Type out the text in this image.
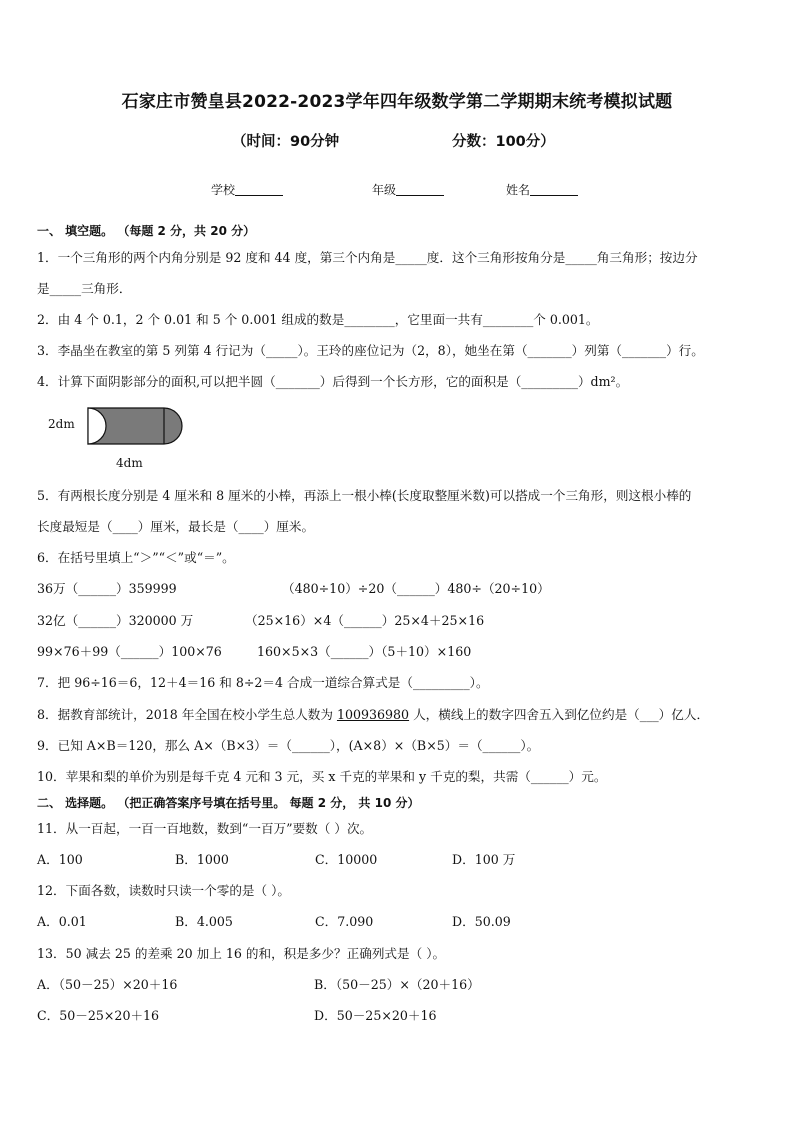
石家庄市赞皇县2022-2023学年四年级数学第二学期期末统考模拟试题
（时间：90分钟	分数：100分）
学校	年级	姓名
一、 填空题。 （每题 2 分，共 20 分）
1．一个三角形的两个内角分别是 92 度和 44 度，第三个内角是_____度．这个三角形按角分是_____角三角形；按边分
是_____三角形．
2．由 4 个 0.1，2 个 0.01 和 5 个 0.001 组成的数是________，它里面一共有________个 0.001。
3．李晶坐在教室的第 5 列第 4 行记为（_____）。王玲的座位记为（2，8），她坐在第（_______）列第（_______）行。
4．计算下面阴影部分的面积,可以把半圆（_______）后得到一个长方形，它的面积是（_________）dm²。
2dm
4dm
5．有两根长度分别是 4 厘米和 8 厘米的小棒，再添上一根小棒(长度取整厘米数)可以搭成一个三角形，则这根小棒的
长度最短是（____）厘米，最长是（____）厘米。
6．在括号里填上“＞”“＜”或“＝”。
36万（______）359999	（480÷10）÷20（______）480÷（20÷10）
32亿（______）320000 万	（25×16）×4（______）25×4＋25×16
99×76＋99（______）100×76	160×5×3（______）（5＋10）×160
7．把 96÷16＝6，12＋4＝16 和 8÷2＝4 合成一道综合算式是（_________）。
8．据教育部统计，2018 年全国在校小学生总人数为 100936980 人，横线上的数字四舍五入到亿位约是（___）亿人．
9．已知 A×B＝120，那么 A×（B×3）＝（______），(A×8）×（B×5）＝（______）。
10．苹果和梨的单价为别是每千克 4 元和 3 元，买 x 千克的苹果和 y 千克的梨，共需（______）元。
二、 选择题。 （把正确答案序号填在括号里。 每题 2 分， 共 10 分）
11．从一百起，一百一百地数，数到“一百万”要数（ ）次。
A．100	B．1000	C．10000	D．100 万
12．下面各数，读数时只读一个零的是（ ）。
A．0.01	B．4.005	C．7.090	D．50.09
13．50 减去 25 的差乘 20 加上 16 的和，积是多少？正确列式是（ ）。
A．（50－25）×20＋16	B．（50－25）×（20＋16）
C．50－25×20＋16	D．50－25×20＋16
